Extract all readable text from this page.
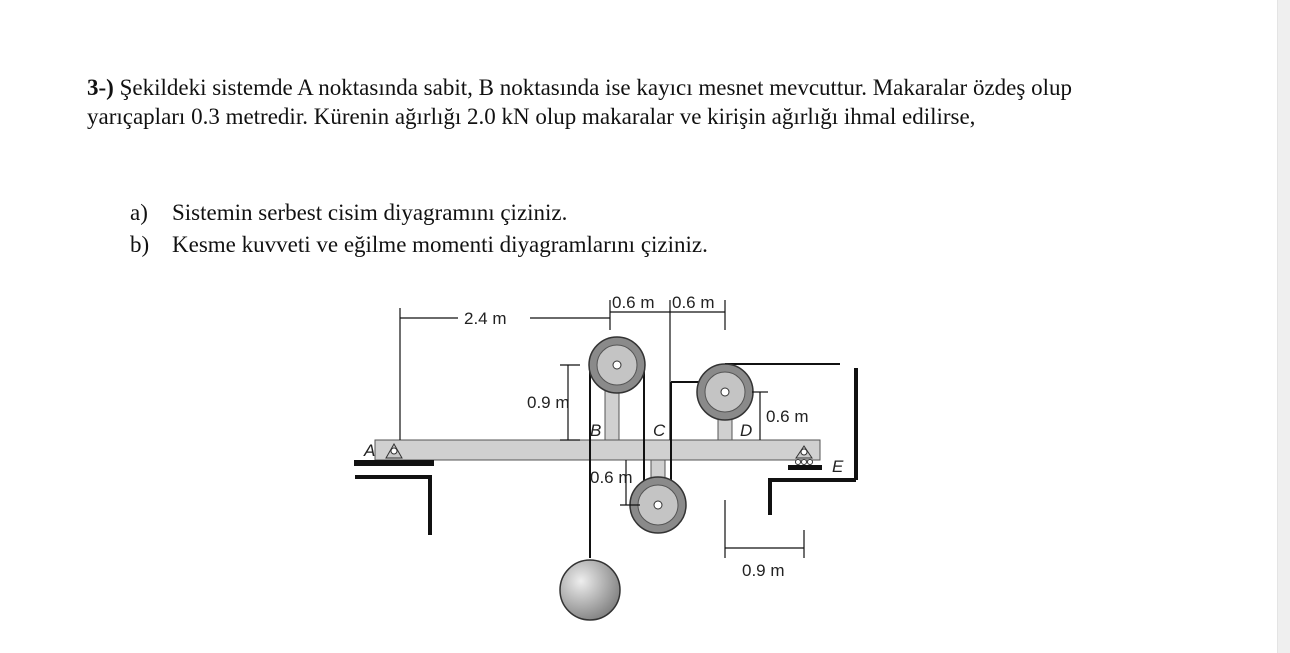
3-) Şekildeki sistemde A noktasında sabit, B noktasında ise kayıcı mesnet mevcuttur. Makaralar özdeş olup yarıçapları 0.3 metredir. Kürenin ağırlığı 2.0 kN olup makaralar ve kirişin ağırlığı ihmal edilirse,
a)	Sistemin serbest cisim diyagramını çiziniz.
b) Kesme kuvveti ve eğilme momenti diyagramlarını çiziniz.
2.4 m
0.6 m 0.6 m
0.9 m
0.6 m
0.6 m
0.9 m
A
B	C	D
E
